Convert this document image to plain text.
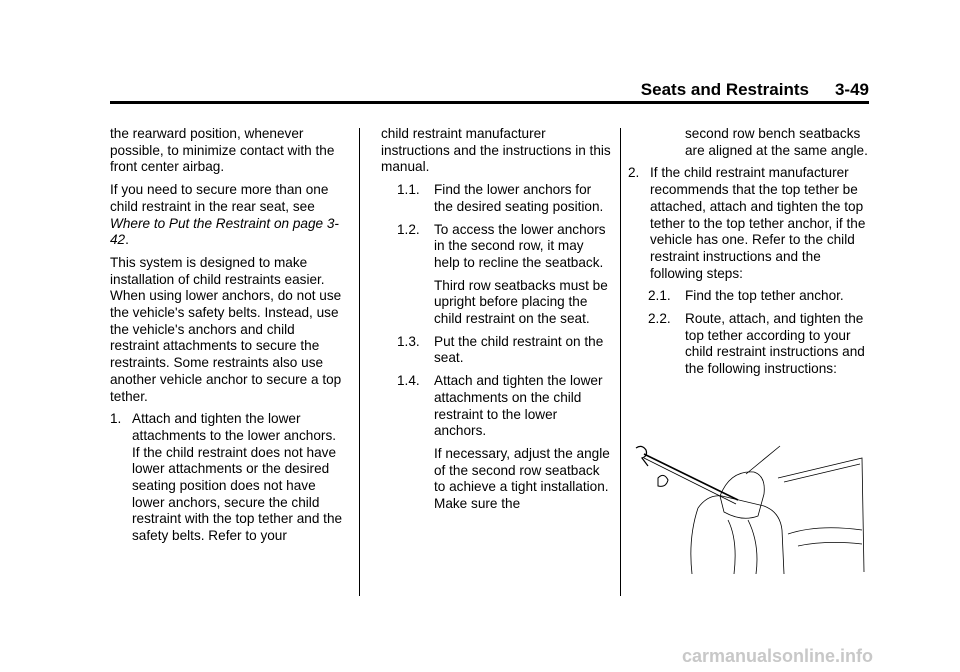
Seats and Restraints 3-49

the rearward position, whenever possible, to minimize contact with the front center airbag.

If you need to secure more than one child restraint in the rear seat, see Where to Put the Restraint on page 3-42.

This system is designed to make installation of child restraints easier. When using lower anchors, do not use the vehicle's safety belts. Instead, use the vehicle's anchors and child restraint attachments to secure the restraints. Some restraints also use another vehicle anchor to secure a top tether.

1. Attach and tighten the lower attachments to the lower anchors. If the child restraint does not have lower attachments or the desired seating position does not have lower anchors, secure the child restraint with the top tether and the safety belts. Refer to your

child restraint manufacturer instructions and the instructions in this manual.

1.1. Find the lower anchors for the desired seating position.
1.2. To access the lower anchors in the second row, it may help to recline the seatback.
Third row seatbacks must be upright before placing the child restraint on the seat.
1.3. Put the child restraint on the seat.
1.4. Attach and tighten the lower attachments on the child restraint to the lower anchors.
If necessary, adjust the angle of the second row seatback to achieve a tight installation. Make sure the
second row bench seatbacks are aligned at the same angle.
2. If the child restraint manufacturer recommends that the top tether be attached, attach and tighten the top tether to the top tether anchor, if the vehicle has one. Refer to the child restraint instructions and the following steps:
2.1. Find the top tether anchor.
2.2. Route, attach, and tighten the top tether according to your child restraint instructions and the following instructions:
carmanualsonline.info
